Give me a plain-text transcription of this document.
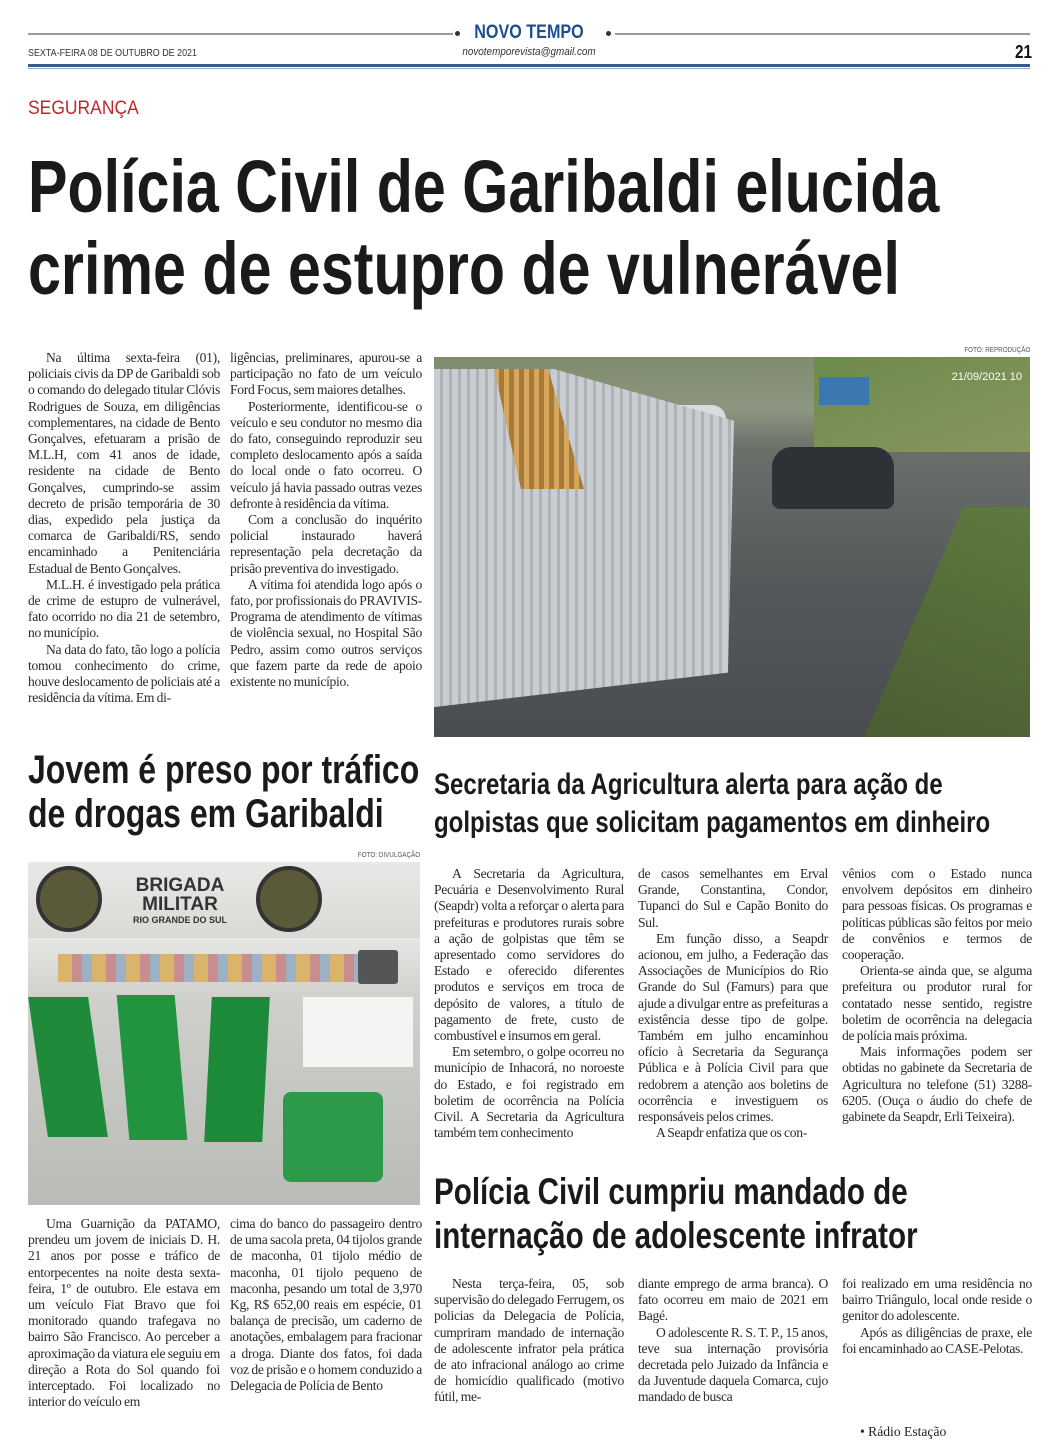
NOVO TEMPO
SEXTA-FEIRA 08 DE OUTUBRO DE 2021	novotemporevista@gmail.com	21
SEGURANÇA
Polícia Civil de Garibaldi elucida
crime de estupro de vulnerável

Na última sexta-feira (01), policiais civis da DP de Garibaldi sob o comando do delegado titular Clóvis Rodrigues de Souza, em diligências complementares, na cidade de Bento Gonçalves, efetuaram a prisão de M.L.H, com 41 anos de idade, residente na cidade de Bento Gonçalves, cumprindo-se assim decreto de prisão temporária de 30 dias, expedido pela justiça da comarca de Garibaldi/RS, sendo encaminhado a Penitenciária Estadual de Bento Gonçalves.

M.L.H. é investigado pela prática de crime de estupro de vulnerável, fato ocorrido no dia 21 de setembro, no município.

Na data do fato, tão logo a polícia tomou conhecimento do crime, houve deslocamento de policiais até a residência da vítima. Em di-

ligências, preliminares, apurou-se a participação no fato de um veículo Ford Focus, sem maiores detalhes.

Posteriormente, identificou-se o veículo e seu condutor no mesmo dia do fato, conseguindo reproduzir seu completo deslocamento após a saída do local onde o fato ocorreu. O veículo já havia passado outras vezes defronte à residência da vítima.

Com a conclusão do inquérito policial instaurado haverá representação pela decretação da prisão preventiva do investigado.

A vítima foi atendida logo após o fato, por profissionais do PRAVIVIS- Programa de atendimento de vítimas de violência sexual, no Hospital São Pedro, assim como outros serviços que fazem parte da rede de apoio existente no município.

FOTO: REPRODUÇÃO
21/09/2021 10
Jovem é preso por tráfico
de drogas em Garibaldi
FOTO: DIVULGAÇÃO
BRIGADA
MILITAR
RIO GRANDE DO SUL

Uma Guarnição da PATAMO, prendeu um jovem de iniciais D. H. 21 anos por posse e tráfico de entorpecentes na noite desta sexta-feira, 1º de outubro. Ele estava em um veículo Fiat Bravo que foi monitorado quando trafegava no bairro São Francisco. Ao perceber a aproximação da viatura ele seguiu em direção a Rota do Sol quando foi interceptado. Foi localizado no interior do veículo em

cima do banco do passageiro dentro de uma sacola preta, 04 tijolos grande de maconha, 01 tijolo médio de maconha, 01 tijolo pequeno de maconha, pesando um total de 3,970 Kg, R$ 652,00 reais em espécie, 01 balança de precisão, um caderno de anotações, embalagem para fracionar a droga. Diante dos fatos, foi dada voz de prisão e o homem conduzido a Delegacia de Polícia de Bento

Secretaria da Agricultura alerta para ação de
golpistas que solicitam pagamentos em dinheiro

A Secretaria da Agricultura, Pecuária e Desenvolvimento Rural (Seapdr) volta a reforçar o alerta para prefeituras e produtores rurais sobre a ação de golpistas que têm se apresentado como servidores do Estado e oferecido diferentes produtos e serviços em troca de depósito de valores, a título de pagamento de frete, custo de combustível e insumos em geral.

Em setembro, o golpe ocorreu no município de Inhacorá, no noroeste do Estado, e foi registrado em boletim de ocorrência na Polícia Civil. A Secretaria da Agricultura também tem conhecimento

de casos semelhantes em Erval Grande, Constantina, Condor, Tupanci do Sul e Capão Bonito do Sul.

Em função disso, a Seapdr acionou, em julho, a Federação das Associações de Municípios do Rio Grande do Sul (Famurs) para que ajude a divulgar entre as prefeituras a existência desse tipo de golpe. Também em julho encaminhou ofício à Secretaria da Segurança Pública e à Polícia Civil para que redobrem a atenção aos boletins de ocorrência e investiguem os responsáveis pelos crimes.

A Seapdr enfatiza que os con-

vênios com o Estado nunca envolvem depósitos em dinheiro para pessoas físicas. Os programas e políticas públicas são feitos por meio de convênios e termos de cooperação.

Orienta-se ainda que, se alguma prefeitura ou produtor rural for contatado nesse sentido, registre boletim de ocorrência na delegacia de polícia mais próxima.

Mais informações podem ser obtidas no gabinete da Secretaria de Agricultura no telefone (51) 3288-6205. (Ouça o áudio do chefe de gabinete da Seapdr, Erli Teixeira).

Polícia Civil cumpriu mandado de
internação de adolescente infrator

Nesta terça-feira, 05, sob supervisão do delegado Ferrugem, os policias da Delegacia de Polícia, cumpriram mandado de internação de adolescente infrator pela prática de ato infracional análogo ao crime de homicídio qualificado (motivo fútil, me-

diante emprego de arma branca). O fato ocorreu em maio de 2021 em Bagé.

O adolescente R. S. T. P., 15 anos, teve sua internação provisória decretada pelo Juizado da Infância e da Juventude daquela Comarca, cujo mandado de busca

foi realizado em uma residência no bairro Triângulo, local onde reside o genitor do adolescente.

Após as diligências de praxe, ele foi encaminhado ao CASE-Pelotas.

• Rádio Estação
